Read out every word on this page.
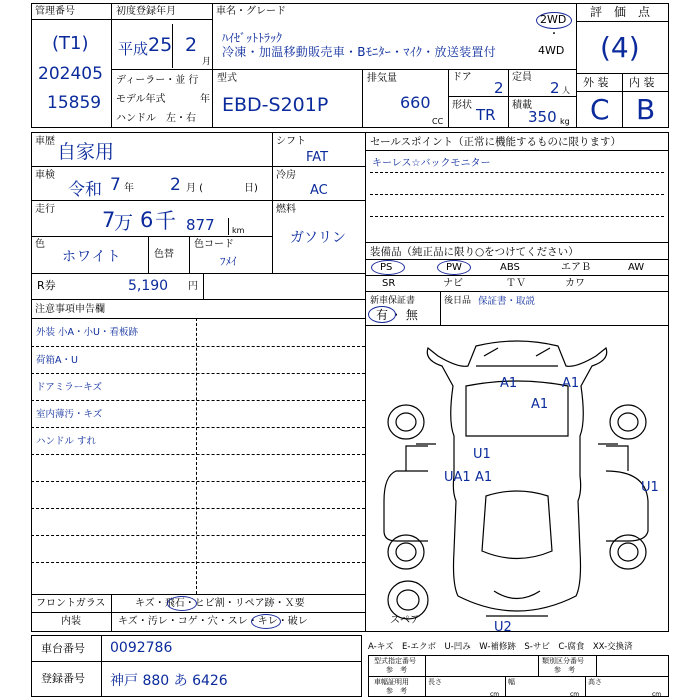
管理番号
(T1)
202405
15859
初度登録年月
平成 25 2
月
車名・グレード
ﾊｲｾﾞｯﾄﾄﾗｯｸ
冷凍・加温移動販売車・Bﾓﾆﾀｰ・ﾏｲｸ・放送装置付
2WD
・
4WD
評　価　点
(4)
外 装 内 装
C B
ディーラー・並 行
モデル年式	年
ハンドル　左・右
型式
EBD-S201P
排気量
660
CC
ドア
2
定員
2 人
形状
TR
積載
350 kg
車歴 自家用
車検
令和 7 年 2 月 (	日)
走行 7
万 6 千 877 km
色
ホワイト	色替
色コード
ﾌﾒｲ
シフト
FAT
冷房
AC
燃料
ガソリン
R券	5,190 円
注意事項申告欄
外装 小A・小U・看板跡
荷箱A・U
ドアミラーキズ
室内薄汚・キズ
ハンドル すれ
フロントガラス	キズ・飛石・ヒビ割・リペア跡・Ｘ要
内装	キズ・汚レ・コゲ・穴・スレ・キレ・破レ
車台番号 0092786
登録番号 神戸 880 あ 6426
セールスポイント（正常に機能するものに限ります）
キーレス☆バックモニター
装備品（純正品に限り○をつけてください）
PS	PW	ABS	エアＢ	AW
SR	ナビ	ＴＶ	カワ
新車保証書
有 ・ 無
後日品 保証書・取説
A1	A1
A1
U1
UA1 A1
U1
U2
スペア
A-キズ　E-エクボ　U-凹み　W-補修跡　S-サビ　C-腐食　XX-交換済
型式指定番号
参　考
類別区分番号
参　考
車幅証明用
参　考
長さ
cm
幅
cm
高さ
cm
